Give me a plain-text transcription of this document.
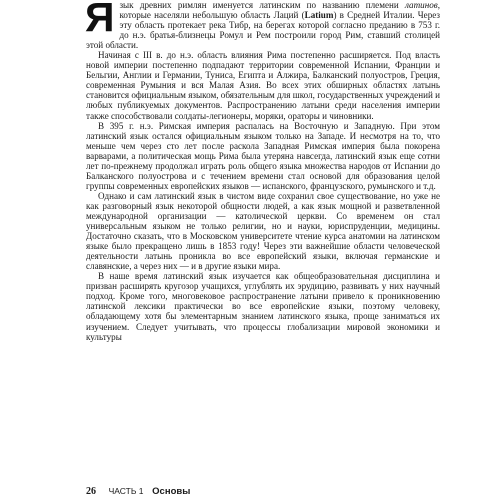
Я зык древних римлян именуется латинским по названию племени латинов, которые населяли небольшую область Лаций (Latium) в Средней Италии. Через эту область протекает река Тибр, на берегах которой согласно преданию в 753 г. до н.э. братья-близнецы Ромул и Рем построили город Рим, ставший столицей этой области.

Начиная с III в. до н.э. область влияния Рима постепенно расширяется. Под власть новой империи постепенно подпадают территории современной Испании, Франции и Бельгии, Англии и Германии, Туниса, Египта и Алжира, Балканский полуостров, Греция, современная Румыния и вся Малая Азия. Во всех этих обширных областях латынь становится официальным языком, обязательным для школ, государственных учреждений и любых публикуемых документов. Распространению латыни среди населения империи также способствовали солдаты-легионеры, моряки, ораторы и чиновники.

В 395 г. н.э. Римская империя распалась на Восточную и Западную. При этом латинский язык остался официальным языком только на Западе. И несмотря на то, что меньше чем через сто лет после раскола Западная Римская империя была покорена варварами, а политическая мощь Рима была утеряна навсегда, латинский язык еще сотни лет по-прежнему продолжал играть роль общего языка множества народов от Испании до Балканского полуострова и с течением времени стал основой для образования целой группы современных европейских языков — испанского, французского, румынского и т.д.

Однако и сам латинский язык в чистом виде сохранил свое существование, но уже не как разговорный язык некоторой общности людей, а как язык мощной и разветвленной международной организации — католической церкви. Со временем он стал универсальным языком не только религии, но и науки, юриспруденции, медицины. Достаточно сказать, что в Московском университете чтение курса анатомии на латинском языке было прекращено лишь в 1853 году! Через эти важнейшие области человеческой деятельности латынь проникла во все европейский языки, включая германские и славянские, а через них — и в другие языки мира.

В наше время латинский язык изучается как общеобразовательная дисциплина и призван расширять кругозор учащихся, углублять их эрудицию, развивать у них научный подход. Кроме того, многовековое распространение латыни привело к проникновению латинской лексики практически во все европейские языки, поэтому человеку, обладающему хотя бы элементарным знанием латинского языка, проще заниматься их изучением. Следует учитывать, что процессы глобализации мировой экономики и культуры

26 ЧАСТЬ 1 Основы
